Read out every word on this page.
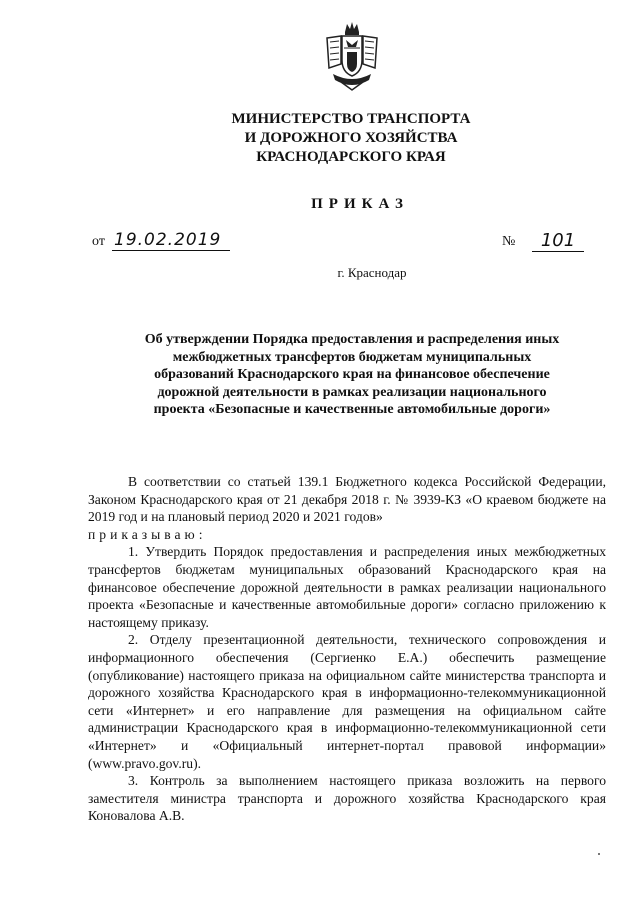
МИНИСТЕРСТВО ТРАНСПОРТА
И ДОРОЖНОГО ХОЗЯЙСТВА
КРАСНОДАРСКОГО КРАЯ
ПРИКАЗ
от 19.02.2019	№	101
г. Краснодар
Об утверждении Порядка предоставления и распределения иных межбюджетных трансфертов бюджетам муниципальных образований Краснодарского края на финансовое обеспечение дорожной деятельности в рамках реализации национального проекта «Безопасные и качественные автомобильные дороги»

В соответствии со статьей 139.1 Бюджетного кодекса Российской Федерации, Законом Краснодарского края от 21 декабря 2018 г. № 3939-КЗ «О краевом бюджете на 2019 год и на плановый период 2020 и 2021 годов»

приказываю:

1. Утвердить Порядок предоставления и распределения иных межбюджетных трансфертов бюджетам муниципальных образований Краснодарского края на финансовое обеспечение дорожной деятельности в рамках реализации национального проекта «Безопасные и качественные автомобильные дороги» согласно приложению к настоящему приказу.

2. Отделу презентационной деятельности, технического сопровождения и информационного обеспечения (Сергиенко Е.А.) обеспечить размещение (опубликование) настоящего приказа на официальном сайте министерства транспорта и дорожного хозяйства Краснодарского края в информационно-телекоммуникационной сети «Интернет» и его направление для размещения на официальном сайте администрации Краснодарского края в информационно-телекоммуникационной сети «Интернет» и «Официальный интернет-портал правовой информации» (www.pravo.gov.ru).

3. Контроль за выполнением настоящего приказа возложить на первого заместителя министра транспорта и дорожного хозяйства Краснодарского края Коновалова А.В.
